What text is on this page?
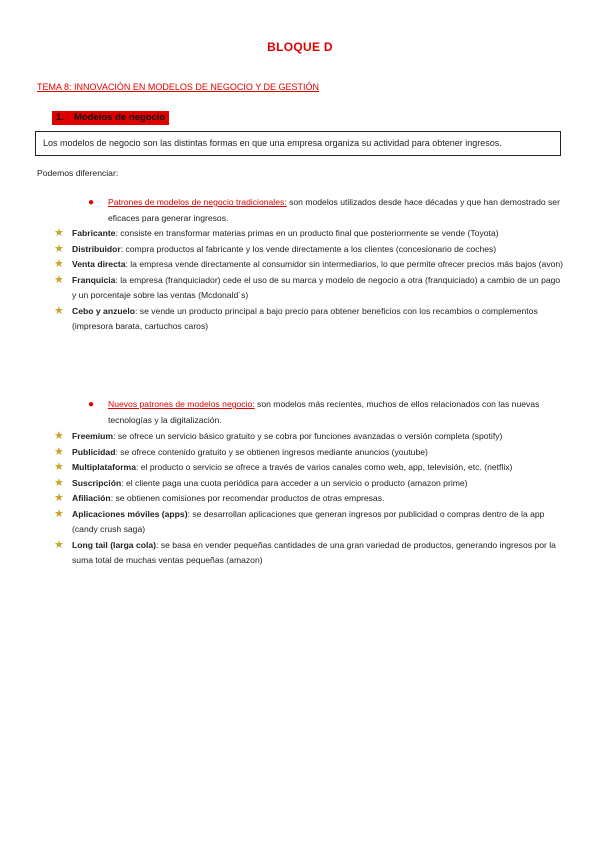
BLOQUE D
TEMA 8: INNOVACIÓN EN MODELOS DE NEGOCIO Y DE GESTIÓN
1. Modelos de negocio
Los modelos de negocio son las distintas formas en que una empresa organiza su actividad para obtener ingresos.
Podemos diferenciar:
●	Patrones de modelos de negocio tradicionales: son modelos utilizados desde hace décadas y que han demostrado ser eficaces para generar ingresos.
★ Fabricante: consiste en transformar materias primas en un producto final que posteriormente se vende (Toyota)
★ Distribuidor: compra productos al fabricante y los vende directamente a los clientes (concesionario de coches)
★ Venta directa: la empresa vende directamente al consumidor sin intermediarios, lo que permite ofrecer precios más bajos (avon)
★ Franquicia: la empresa (franquiciador) cede el uso de su marca y modelo de negocio a otra (franquiciado) a cambio de un pago y un porcentaje sobre las ventas (Mcdonald´s)
★ Cebo y anzuelo: se vende un producto principal a bajo precio para obtener beneficios con los recambios o complementos (impresora barata, cartuchos caros)
●	Nuevos patrones de modelos negocio: son modelos más recientes, muchos de ellos relacionados con las nuevas tecnologías y la digitalización.
★ Freemium: se ofrece un servicio básico gratuito y se cobra por funciones avanzadas o versión completa (spotify)
★ Publicidad: se ofrece contenido gratuito y se obtienen ingresos mediante anuncios (youtube)
★ Multiplataforma: el producto o servicio se ofrece a través de varios canales como web, app, televisión, etc. (netflix)
★ Suscripción: el cliente paga una cuota periódica para acceder a un servicio o producto (amazon prime)
★ Afiliación: se obtienen comisiones por recomendar productos de otras empresas.
★ Aplicaciones móviles (apps): se desarrollan aplicaciones que generan ingresos por publicidad o compras dentro de la app (candy crush saga)
★ Long tail (larga cola): se basa en vender pequeñas cantidades de una gran variedad de productos, generando ingresos por la suma total de muchas ventas pequeñas (amazon)
